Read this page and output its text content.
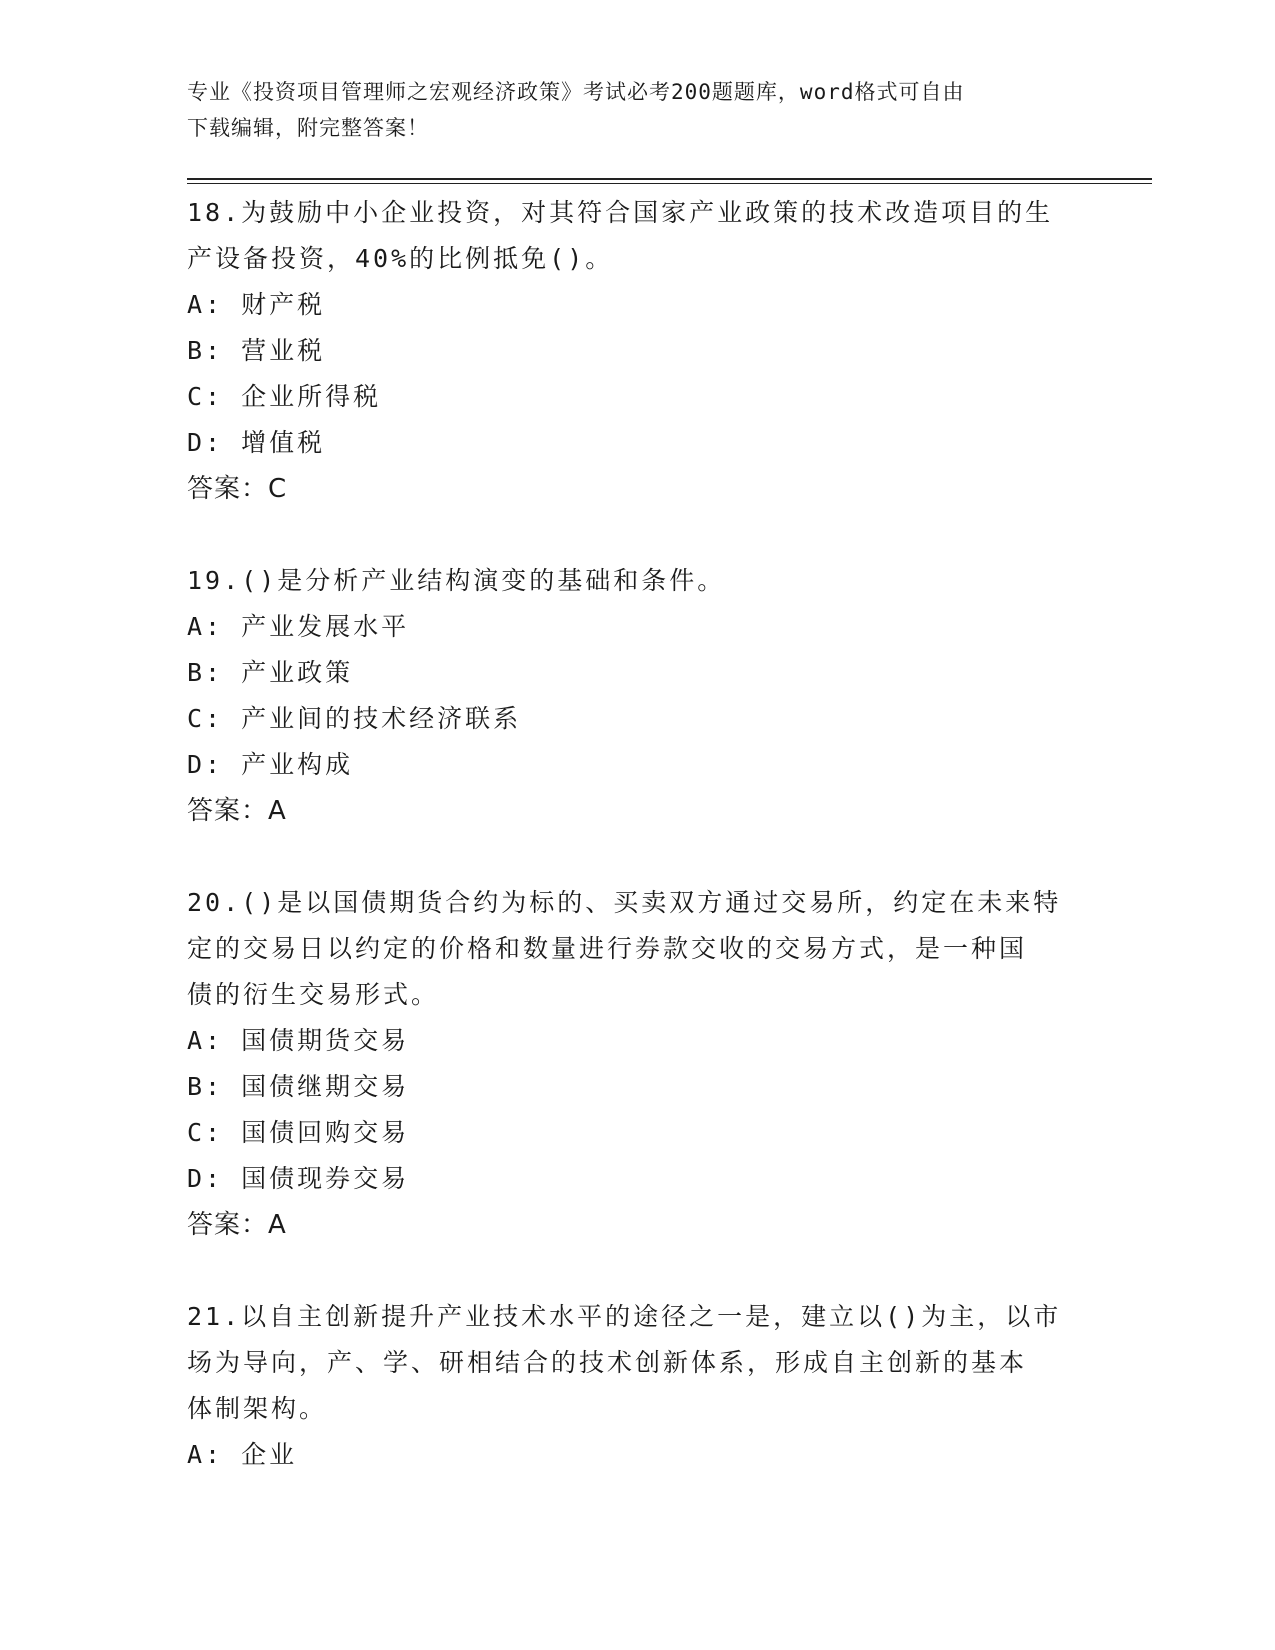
专业《投资项目管理师之宏观经济政策》考试必考200题题库，word格式可自由
下载编辑，附完整答案！

18.为鼓励中小企业投资，对其符合国家产业政策的技术改造项目的生

产设备投资，40%的比例抵免()。

A: 财产税

B: 营业税

C: 企业所得税

D: 增值税

答案：C

19.()是分析产业结构演变的基础和条件。

A: 产业发展水平

B: 产业政策

C: 产业间的技术经济联系

D: 产业构成

答案：A

20.()是以国债期货合约为标的、买卖双方通过交易所，约定在未来特

定的交易日以约定的价格和数量进行券款交收的交易方式，是一种国

债的衍生交易形式。

A: 国债期货交易

B: 国债继期交易

C: 国债回购交易

D: 国债现券交易

答案：A

21.以自主创新提升产业技术水平的途径之一是，建立以()为主，以市

场为导向，产、学、研相结合的技术创新体系，形成自主创新的基本

体制架构。

A: 企业
